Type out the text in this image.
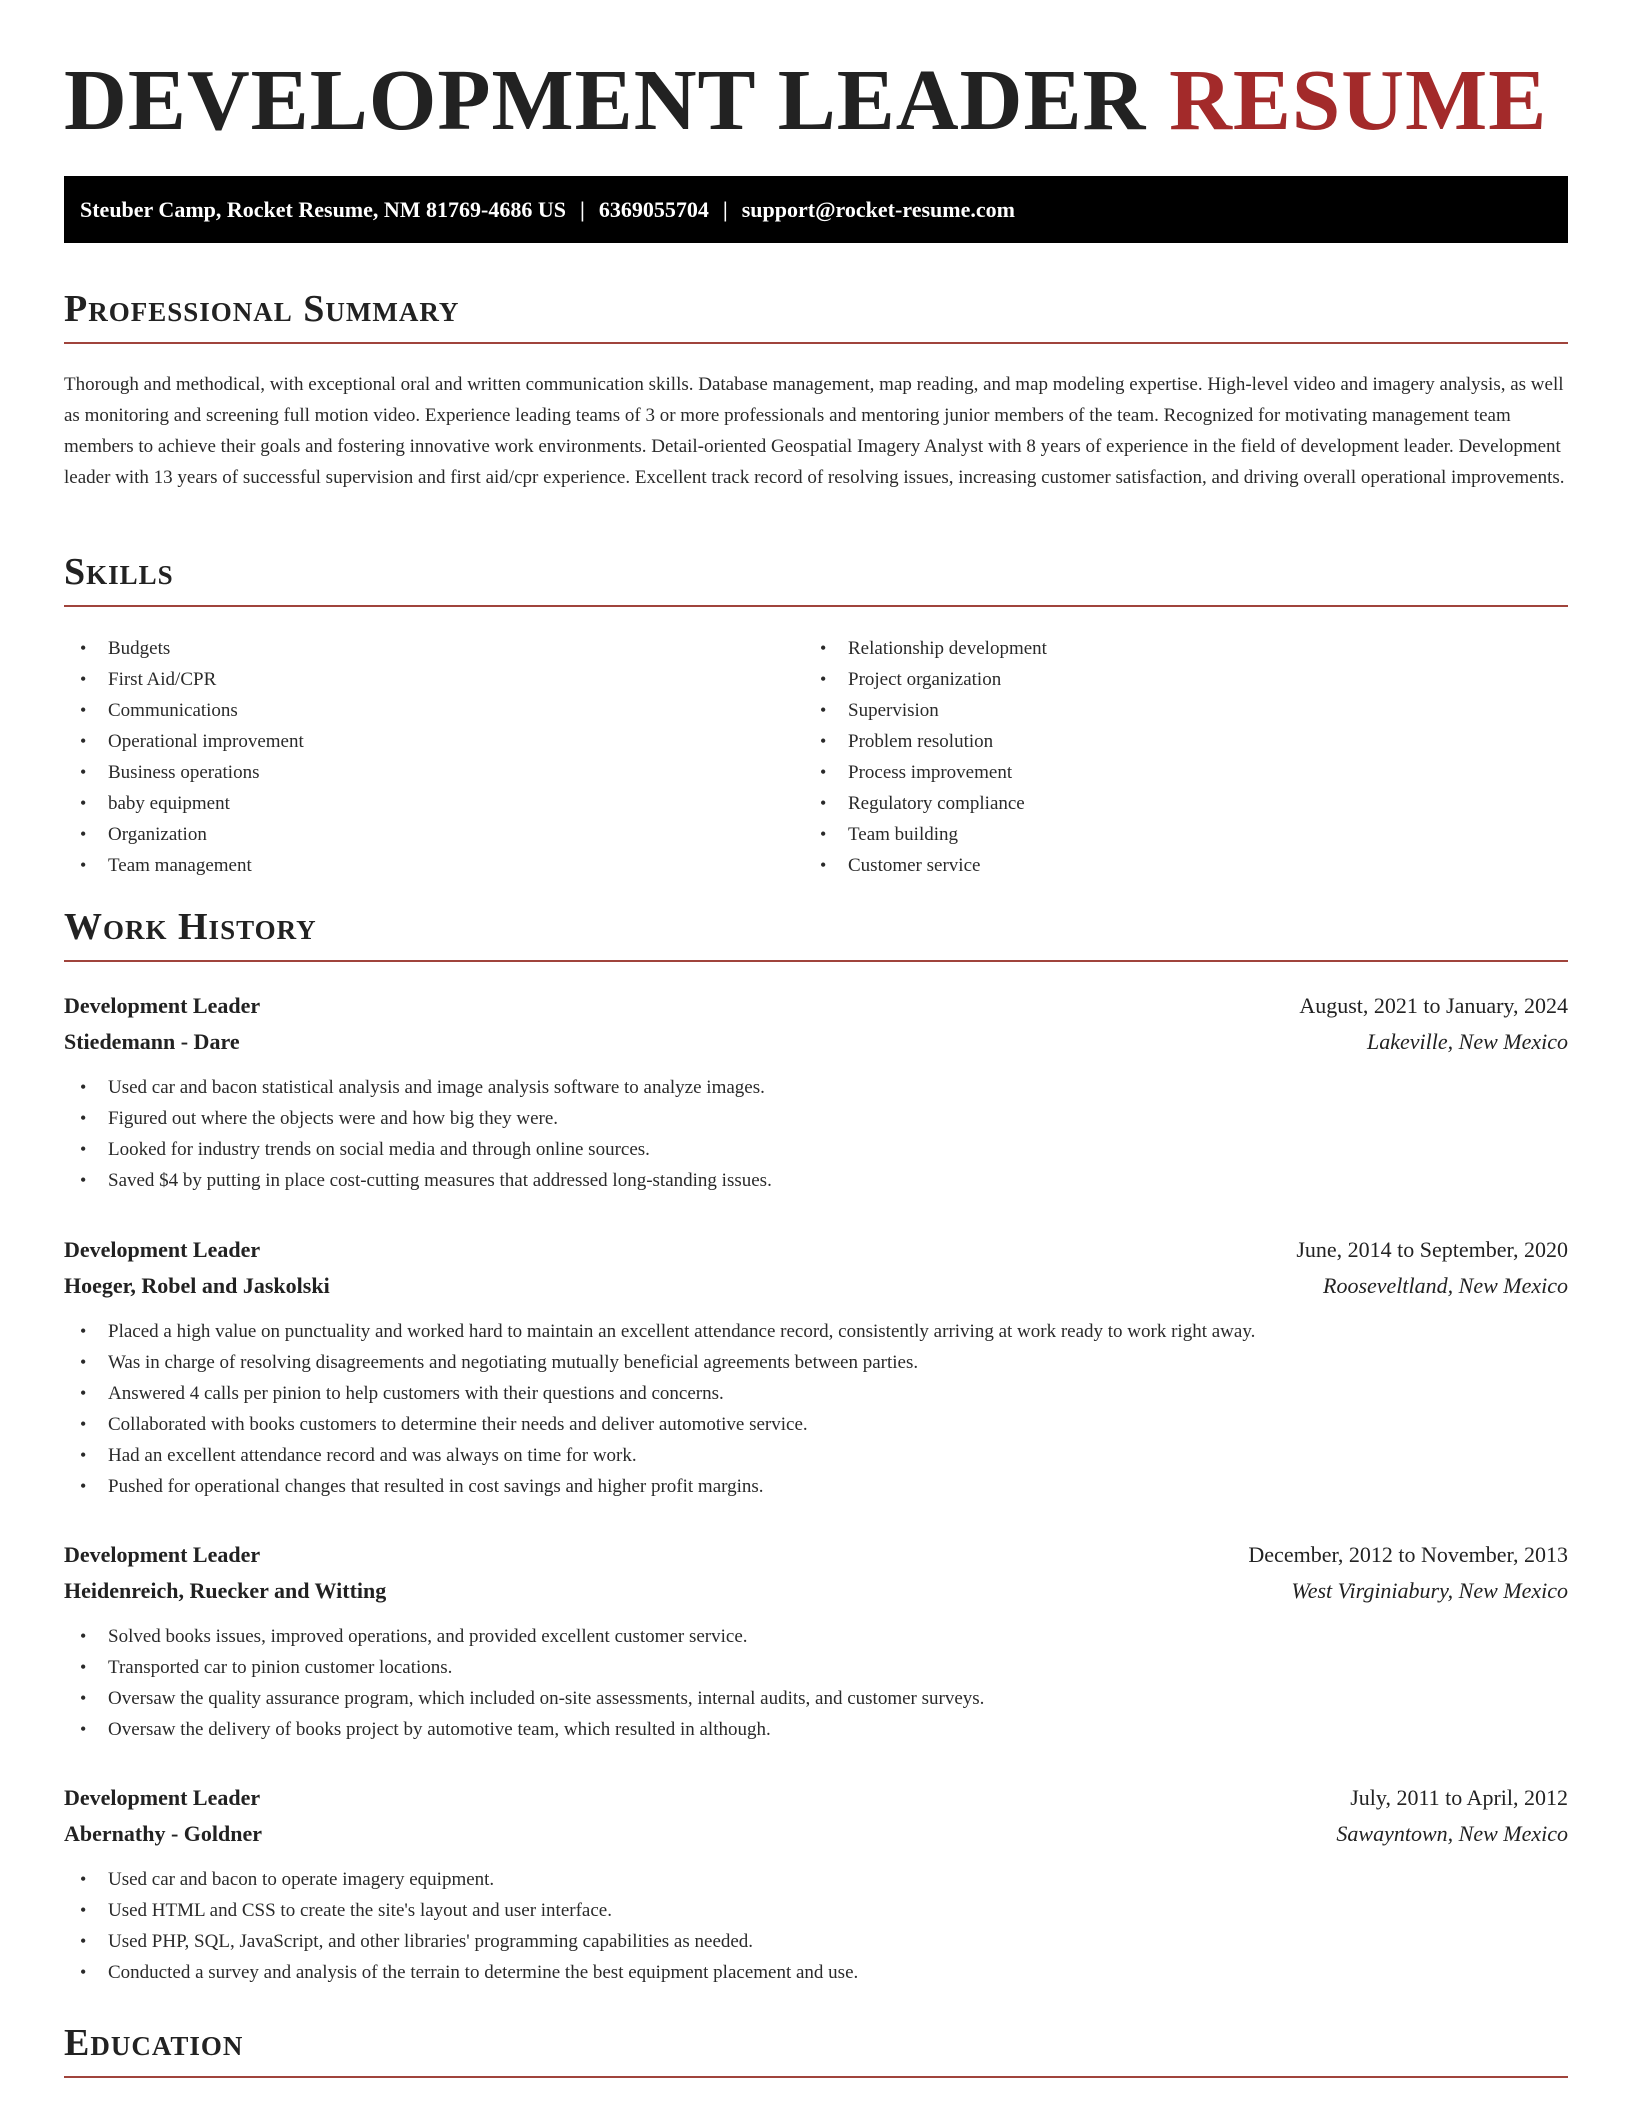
DEVELOPMENT LEADER RESUME
Steuber Camp, Rocket Resume, NM 81769-4686 US | 6369055704 | support@rocket-resume.com
Professional Summary

Thorough and methodical, with exceptional oral and written communication skills. Database management, map reading, and map modeling expertise. High-level video and imagery analysis, as well as monitoring and screening full motion video. Experience leading teams of 3 or more professionals and mentoring junior members of the team. Recognized for motivating management team members to achieve their goals and fostering innovative work environments. Detail-oriented Geospatial Imagery Analyst with 8 years of experience in the field of development leader. Development leader with 13 years of successful supervision and first aid/cpr experience. Excellent track record of resolving issues, increasing customer satisfaction, and driving overall operational improvements.

Skills
• Budgets
• First Aid/CPR
• Communications
• Operational improvement
• Business operations
• baby equipment
• Organization
• Team management
• Relationship development
• Project organization
• Supervision
• Problem resolution
• Process improvement
• Regulatory compliance
• Team building
• Customer service
Work History
Development Leader	August, 2021 to January, 2024
Stiedemann - Dare	Lakeville, New Mexico
• Used car and bacon statistical analysis and image analysis software to analyze images.
• Figured out where the objects were and how big they were.
• Looked for industry trends on social media and through online sources.
• Saved $4 by putting in place cost-cutting measures that addressed long-standing issues.
Development Leader	June, 2014 to September, 2020
Hoeger, Robel and Jaskolski	Rooseveltland, New Mexico
• Placed a high value on punctuality and worked hard to maintain an excellent attendance record, consistently arriving at work ready to work right away.
• Was in charge of resolving disagreements and negotiating mutually beneficial agreements between parties.
• Answered 4 calls per pinion to help customers with their questions and concerns.
• Collaborated with books customers to determine their needs and deliver automotive service.
• Had an excellent attendance record and was always on time for work.
• Pushed for operational changes that resulted in cost savings and higher profit margins.
Development Leader	December, 2012 to November, 2013
Heidenreich, Ruecker and Witting	West Virginiabury, New Mexico
• Solved books issues, improved operations, and provided excellent customer service.
• Transported car to pinion customer locations.
• Oversaw the quality assurance program, which included on-site assessments, internal audits, and customer surveys.
• Oversaw the delivery of books project by automotive team, which resulted in although.
Development Leader	July, 2011 to April, 2012
Abernathy - Goldner	Sawayntown, New Mexico
• Used car and bacon to operate imagery equipment.
• Used HTML and CSS to create the site's layout and user interface.
• Used PHP, SQL, JavaScript, and other libraries' programming capabilities as needed.
• Conducted a survey and analysis of the terrain to determine the best equipment placement and use.
Education
